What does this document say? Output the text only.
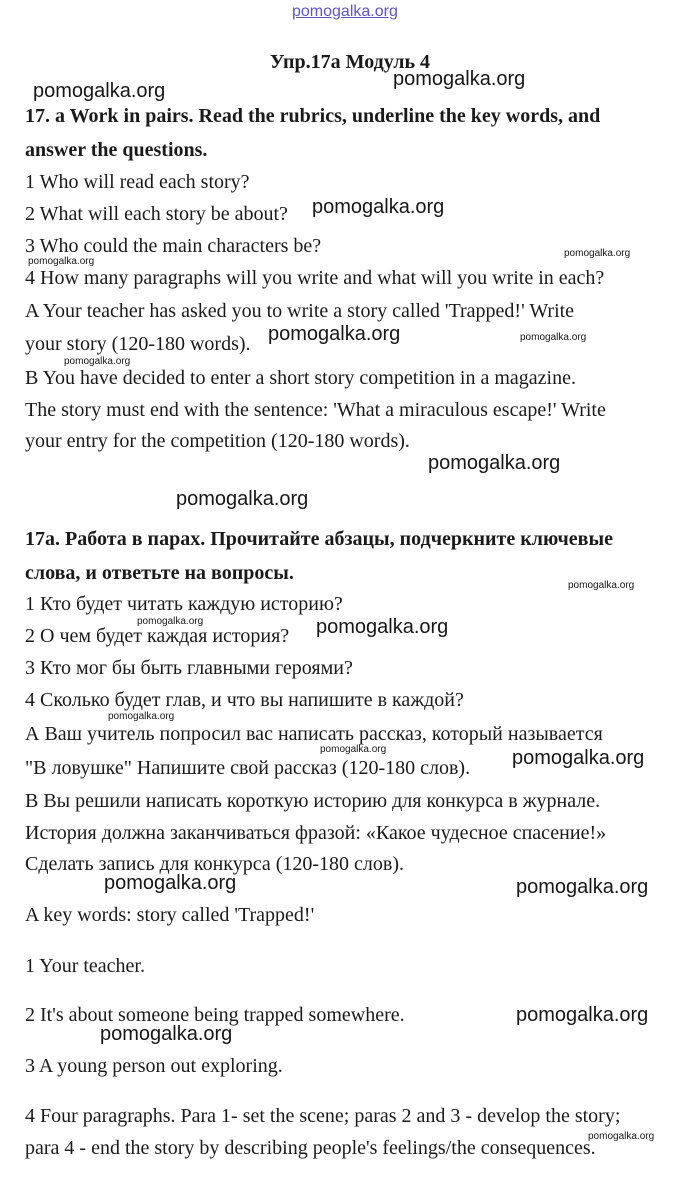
pomogalka.org

Упр.17а Модуль 4

17. a Work in pairs. Read the rubrics, underline the key words, and

answer the questions.

1 Who will read each story?

2 What will each story be about?

3 Who could the main characters be?

4 How many paragraphs will you write and what will you write in each?

A Your teacher has asked you to write a story called 'Trapped!' Write

your story (120-180 words).

B You have decided to enter a short story competition in a magazine.

The story must end with the sentence: 'What a miraculous escape!' Write

your entry for the competition (120-180 words).

17a. Работа в парах. Прочитайте абзацы, подчеркните ключевые

слова, и ответьте на вопросы.

1 Кто будет читать каждую историю?

2 О чем будет каждая история?

3 Кто мог бы быть главными героями?

4 Сколько будет глав, и что вы напишите в каждой?

А Ваш учитель попросил вас написать рассказ, который называется

"В ловушке" Напишите свой рассказ (120-180 слов).

В Вы решили написать короткую историю для конкурса в журнале.

История должна заканчиваться фразой: «Какое чудесное спасение!»

Сделать запись для конкурса (120-180 слов).

A key words: story called 'Trapped!'

1 Your teacher.

2 It's about someone being trapped somewhere.

3 A young person out exploring.

4 Four paragraphs. Para 1- set the scene; paras 2 and 3 - develop the story;

para 4 - end the story by describing people's feelings/the consequences.

pomogalka.org
pomogalka.org
pomogalka.org
pomogalka.org
pomogalka.org
pomogalka.org	pomogalka.org
pomogalka.org
pomogalka.org
pomogalka.org
pomogalka.org
pomogalka.org	pomogalka.org
pomogalka.org
pomogalka.org	pomogalka.org
pomogalka.org	pomogalka.org
pomogalka.org
pomogalka.org
pomogalka.org
